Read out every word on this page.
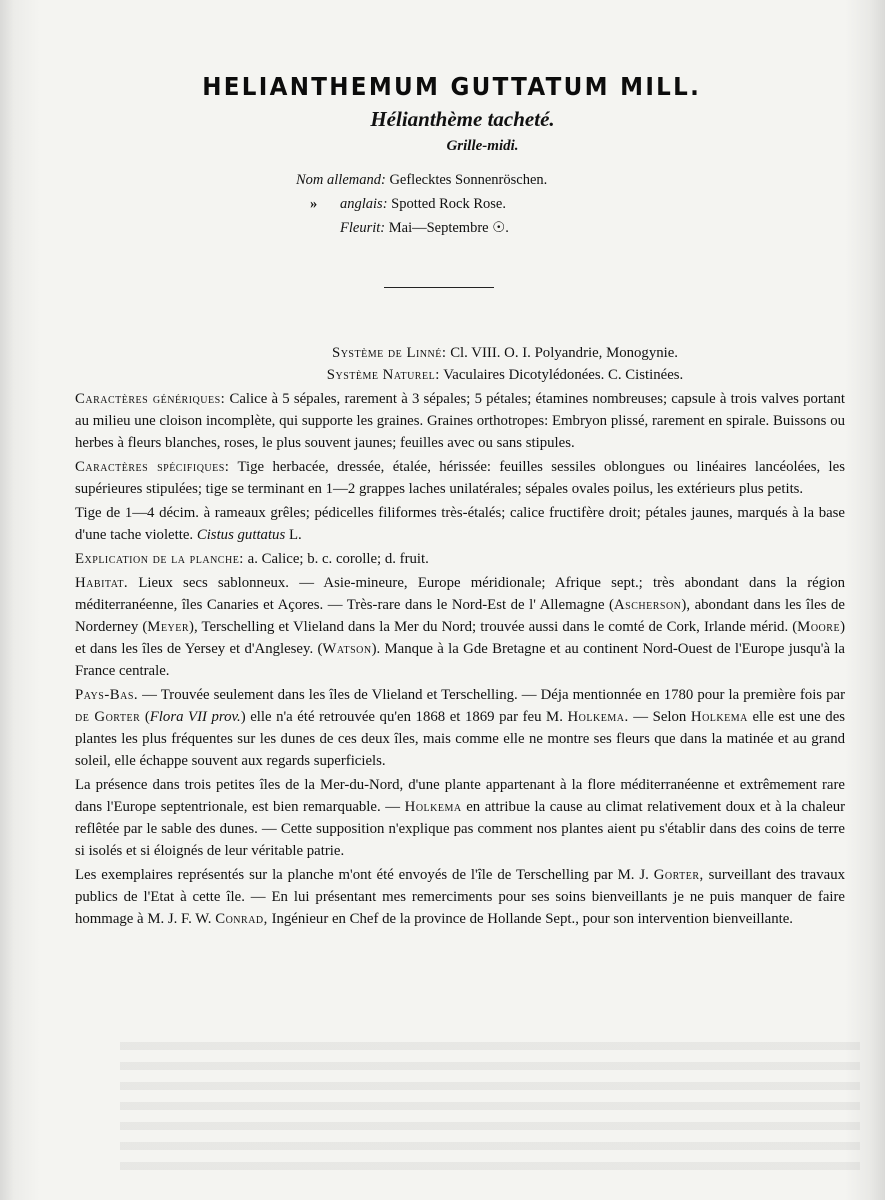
HELIANTHEMUM GUTTATUM MILL.
Hélianthème tacheté.
Grille-midi.
Nom allemand: Geflecktes Sonnenröschen.
» anglais: Spotted Rock Rose.
Fleurit: Mai—Septembre ☉.

Système de Linné: Cl. VIII. O. I. Polyandrie, Monogynie.

Système Naturel: Vaculaires Dicotylédonées. C. Cistinées.

Caractères génériques: Calice à 5 sépales, rarement à 3 sépales; 5 pétales; étamines nombreuses; capsule à trois valves portant au milieu une cloison incomplète, qui supporte les graines. Graines orthotropes: Embryon plissé, rarement en spirale. Buissons ou herbes à fleurs blanches, roses, le plus souvent jaunes; feuilles avec ou sans stipules.

Caractères spécifiques: Tige herbacée, dressée, étalée, hérissée: feuilles sessiles oblongues ou linéaires lancéolées, les supérieures stipulées; tige se terminant en 1—2 grappes laches unilatérales; sépales ovales poilus, les extérieurs plus petits.

Tige de 1—4 décim. à rameaux grêles; pédicelles filiformes très-étalés; calice fructifère droit; pétales jaunes, marqués à la base d'une tache violette. Cistus guttatus L.

Explication de la planche: a. Calice; b. c. corolle; d. fruit.

Habitat. Lieux secs sablonneux. — Asie-mineure, Europe méridionale; Afrique sept.; très abondant dans la région méditerranéenne, îles Canaries et Açores. — Très-rare dans le Nord-Est de l' Allemagne (Ascherson), abondant dans les îles de Norderney (Meyer), Terschelling et Vlieland dans la Mer du Nord; trouvée aussi dans le comté de Cork, Irlande mérid. (Moore) et dans les îles de Yersey et d'Anglesey. (Watson). Manque à la Gde Bretagne et au continent Nord-Ouest de l'Europe jusqu'à la France centrale.

Pays-Bas. — Trouvée seulement dans les îles de Vlieland et Terschelling. — Déja mentionnée en 1780 pour la première fois par de Gorter (Flora VII prov.) elle n'a été retrouvée qu'en 1868 et 1869 par feu M. Holkema. — Selon Holkema elle est une des plantes les plus fréquentes sur les dunes de ces deux îles, mais comme elle ne montre ses fleurs que dans la matinée et au grand soleil, elle échappe souvent aux regards superficiels.

La présence dans trois petites îles de la Mer-du-Nord, d'une plante appartenant à la flore méditerranéenne et extrêmement rare dans l'Europe septentrionale, est bien remarquable. — Holkema en attribue la cause au climat relativement doux et à la chaleur reflêtée par le sable des dunes. — Cette supposition n'explique pas comment nos plantes aient pu s'établir dans des coins de terre si isolés et si éloignés de leur véritable patrie.

Les exemplaires représentés sur la planche m'ont été envoyés de l'île de Terschelling par M. J. Gorter, surveillant des travaux publics de l'Etat à cette île. — En lui présentant mes remerciments pour ses soins bienveillants je ne puis manquer de faire hommage à M. J. F. W. Conrad, Ingénieur en Chef de la province de Hollande Sept., pour son intervention bienveillante.
